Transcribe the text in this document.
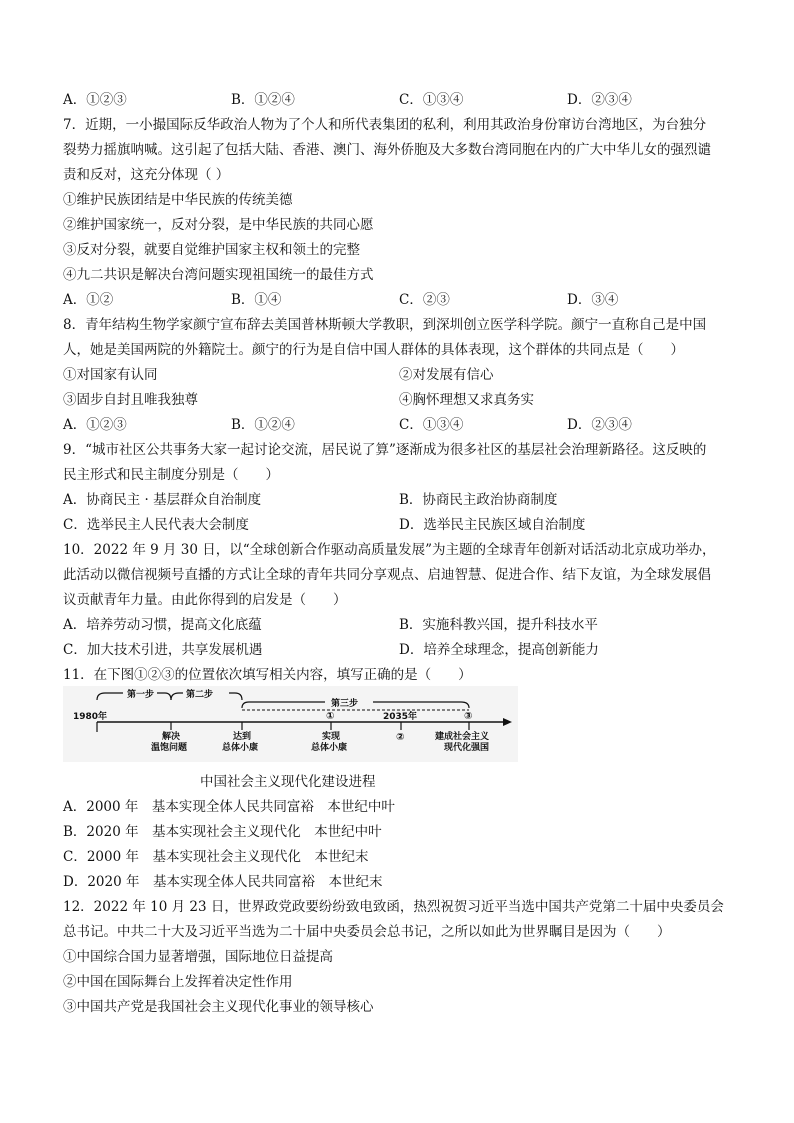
A．①②③	B．①②④	C．①③④	D．②③④
7．近期，一小撮国际反华政治人物为了个人和所代表集团的私利，利用其政治身份窜访台湾地区，为台独分
裂势力摇旗呐喊。这引起了包括大陆、香港、澳门、海外侨胞及大多数台湾同胞在内的广大中华儿女的强烈谴
责和反对，这充分体现（ ）
①维护民族团结是中华民族的传统美德
②维护国家统一，反对分裂，是中华民族的共同心愿
③反对分裂，就要自觉维护国家主权和领土的完整
④九二共识是解决台湾问题实现祖国统一的最佳方式
A．①②	B．①④	C．②③	D．③④
8．青年结构生物学家颜宁宣布辞去美国普林斯顿大学教职，到深圳创立医学科学院。颜宁一直称自己是中国
人，她是美国两院的外籍院士。颜宁的行为是自信中国人群体的具体表现，这个群体的共同点是（　　）
①对国家有认同	②对发展有信心
③固步自封且唯我独尊	④胸怀理想又求真务实
A．①②③	B．①②④	C．①③④	D．②③④
9．“城市社区公共事务大家一起讨论交流，居民说了算”逐渐成为很多社区的基层社会治理新路径。这反映的
民主形式和民主制度分别是（　　）
A．协商民主 · 基层群众自治制度	B．协商民主政治协商制度
C．选举民主人民代表大会制度	D．选举民主民族区域自治制度
10．2022 年 9 月 30 日，以“全球创新合作驱动高质量发展”为主题的全球青年创新对话活动北京成功举办，
此活动以微信视频号直播的方式让全球的青年共同分享观点、启迪智慧、促进合作、结下友谊，为全球发展倡
议贡献青年力量。由此你得到的启发是（　　）
A．培养劳动习惯，提高文化底蕴	B．实施科教兴国，提升科技水平
C．加大技术引进，共享发展机遇	D．培养全球理念，提高创新能力
11．在下图①②③的位置依次填写相关内容，填写正确的是（　　）
第一步	第二步
第三步
1980年	2035年
①	③
②
解决
温饱问题
达到
总体小康
实现
总体小康
建成社会主义
现代化强国
中国社会主义现代化建设进程
A．2000 年　基本实现全体人民共同富裕　本世纪中叶
B．2020 年　基本实现社会主义现代化　本世纪中叶
C．2000 年　基本实现社会主义现代化　本世纪末
D．2020 年　基本实现全体人民共同富裕　本世纪末
12．2022 年 10 月 23 日，世界政党政要纷纷致电致函，热烈祝贺习近平当选中国共产党第二十届中央委员会
总书记。中共二十大及习近平当选为二十届中央委员会总书记，之所以如此为世界瞩目是因为（　　）
①中国综合国力显著增强，国际地位日益提高
②中国在国际舞台上发挥着决定性作用
③中国共产党是我国社会主义现代化事业的领导核心
